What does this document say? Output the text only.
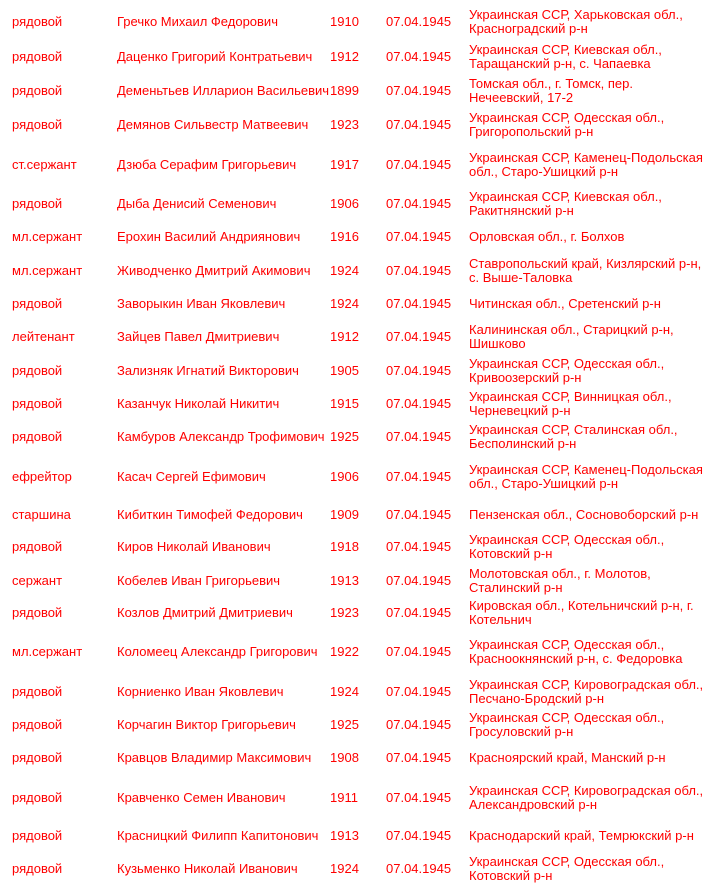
рядовой	Гречко Михаил Федорович	1910	07.04.1945	Украинская ССР, Харьковская обл., Красноградский р-н
рядовой	Даценко Григорий Контратьевич	1912	07.04.1945	Украинская ССР, Киевская обл., Таращанский р-н, с. Чапаевка
рядовой	Деменьтьев Илларион Васильевич	1899	07.04.1945	Томская обл., г. Томск, пер. Нечеевский, 17-2
рядовой	Демянов Сильвестр Матвеевич	1923	07.04.1945	Украинская ССР, Одесская обл., Григоропольский р-н
ст.сержант	Дзюба Серафим Григорьевич	1917	07.04.1945	Украинская ССР, Каменец-Подольская обл., Старо-Ушицкий р-н
рядовой	Дыба Денисий Семенович	1906	07.04.1945	Украинская ССР, Киевская обл., Ракитнянский р-н
мл.сержант	Ерохин Василий Андриянович	1916	07.04.1945	Орловская обл., г. Болхов
мл.сержант	Живодченко Дмитрий Акимович	1924	07.04.1945	Ставропольский край, Кизлярский р-н, с. Выше-Таловка
рядовой	Заворыкин Иван Яковлевич	1924	07.04.1945	Читинская обл., Сретенский р-н
лейтенант	Зайцев Павел Дмитриевич	1912	07.04.1945	Калининская обл., Старицкий р-н, Шишково
рядовой	Зализняк Игнатий Викторович	1905	07.04.1945	Украинская ССР, Одесская обл., Кривоозерский р-н
рядовой	Казанчук Николай Никитич	1915	07.04.1945	Украинская ССР, Винницкая обл., Черневецкий р-н
рядовой	Камбуров Александр Трофимович	1925	07.04.1945	Украинская ССР, Сталинская обл., Бесполинский р-н
ефрейтор	Касач Сергей Ефимович	1906	07.04.1945	Украинская ССР, Каменец-Подольская обл., Старо-Ушицкий р-н
старшина	Кибиткин Тимофей Федорович	1909	07.04.1945	Пензенская обл., Сосновоборский р-н
рядовой	Киров Николай Иванович	1918	07.04.1945	Украинская ССР, Одесская обл., Котовский р-н
сержант	Кобелев Иван Григорьевич	1913	07.04.1945	Молотовская обл., г. Молотов, Сталинский р-н
рядовой	Козлов Дмитрий Дмитриевич	1923	07.04.1945	Кировская обл., Котельничский р-н, г. Котельнич
мл.сержант	Коломеец Александр Григорович	1922	07.04.1945	Украинская ССР, Одесская обл., Красноокнянский р-н, с. Федоровка
рядовой	Корниенко Иван Яковлевич	1924	07.04.1945	Украинская ССР, Кировоградская обл., Песчано-Бродский р-н
рядовой	Корчагин Виктор Григорьевич	1925	07.04.1945	Украинская ССР, Одесская обл., Гросуловский р-н
рядовой	Кравцов Владимир Максимович	1908	07.04.1945	Красноярский край, Манский р-н
рядовой	Кравченко Семен Иванович	1911	07.04.1945	Украинская ССР, Кировоградская обл., Александровский р-н
рядовой	Красницкий Филипп Капитонович	1913	07.04.1945	Краснодарский край, Темрюкский р-н
рядовой	Кузьменко Николай Иванович	1924	07.04.1945	Украинская ССР, Одесская обл., Котовский р-н
